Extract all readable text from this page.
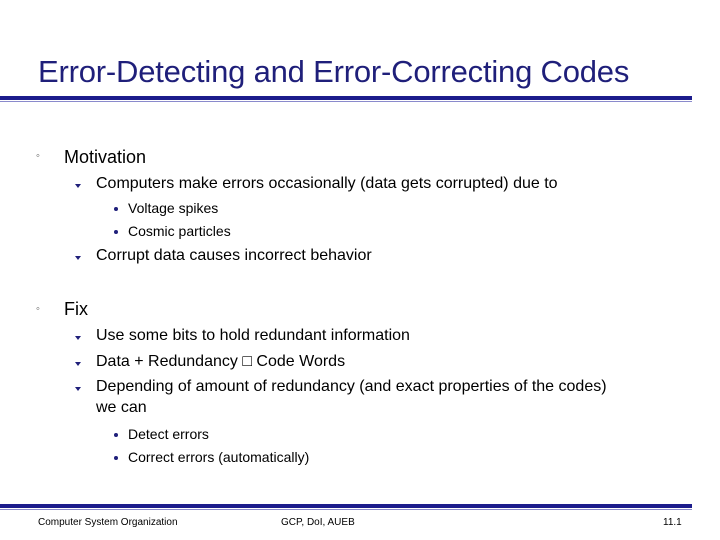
Error-Detecting and Error-Correcting Codes
◦ Motivation
Computers make errors occasionally (data gets corrupted) due to
Voltage spikes
Cosmic particles
Corrupt data causes incorrect behavior
◦ Fix
Use some bits to hold redundant information
Data + Redundancy □ Code Words
Depending of amount of redundancy (and exact properties of the codes)
we can
Detect errors
Correct errors (automatically)
Computer System Organization	GCP, DoI, AUEB	11.1
